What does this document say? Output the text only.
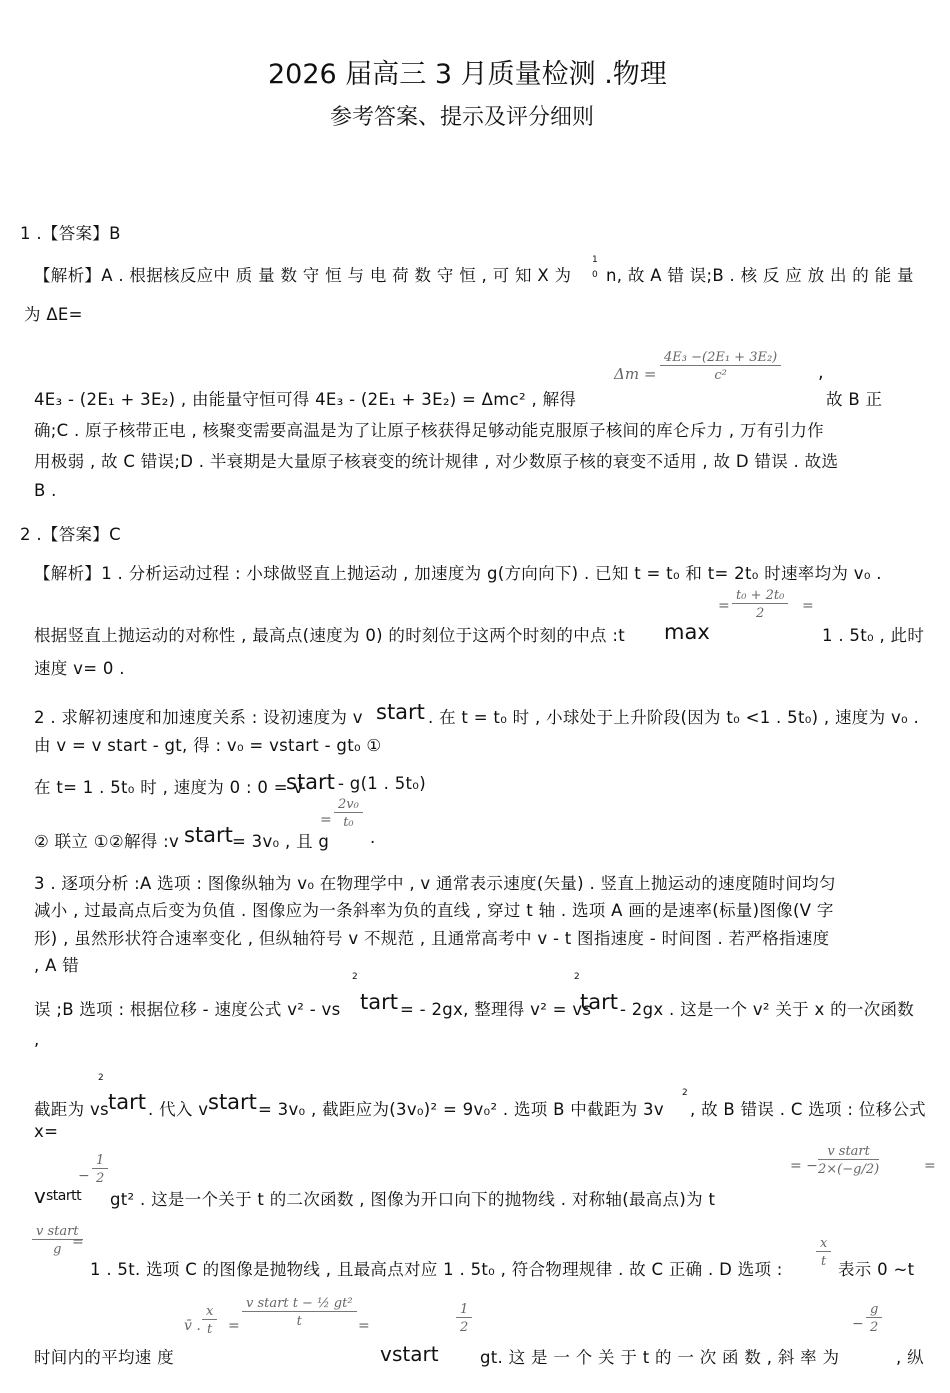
2026 届高三 3 月质量检测 .物理
参考答案、提示及评分细则
1 .【答案】B
【解析】A . 根据核反应中 质 量 数 守 恒 与 电 荷 数 守 恒 , 可 知 X 为
1
0 n, 故 A 错 误;B . 核 反 应 放 出 的 能 量
为 ΔE=
$\Delta m = \frac{\text{4E₃ −(2E₁ + 3E₂)}}{\text{c²}}$ ,
4E₃ - (2E₁ + 3E₂) , 由能量守恒可得 4E₃ - (2E₁ + 3E₂) = Δmc² , 解得	故 B 正
确;C . 原子核带正电 , 核聚变需要高温是为了让原子核获得足够动能克服原子核间的库仑斥力 , 万有引力作
用极弱 , 故 C 错误;D . 半衰期是大量原子核衰变的统计规律 , 对少数原子核的衰变不适用 , 故 D 错误 . 故选
B .
2 .【答案】C
【解析】1 . 分析运动过程 : 小球做竖直上抛运动 , 加速度为 g(方向向下) . 已知 t = t₀ 和 t= 2t₀ 时速率均为 v₀ .
= $\frac{\text{t₀ + 2t₀}}{2}$ =
根据竖直上抛运动的对称性 , 最高点(速度为 0) 的时刻位于这两个时刻的中点 :t max	1 . 5t₀ , 此时
速度 v= 0 .
2 . 求解初速度和加速度关系 : 设初速度为 v start . 在 t = t₀ 时 , 小球处于上升阶段(因为 t₀ <1 . 5t₀) , 速度为 v₀ .
由 v = v start - gt, 得 : v₀ = vstart - gt₀ ①
在 t= 1 . 5t₀ 时 , 速度为 0 : 0 = v
start - g(1 . 5t₀)
② 联立 ①②解得 :v start = 3v₀ , 且 g
= $\frac{\text{2v₀}}{\text{t₀}}$
.
3 . 逐项分析 :A 选项 : 图像纵轴为 v₀ 在物理学中 , v 通常表示速度(矢量) . 竖直上抛运动的速度随时间均匀
减小 , 过最高点后变为负值 . 图像应为一条斜率为负的直线 , 穿过 t 轴 . 选项 A 画的是速率(标量)图像(V 字
形) , 虽然形状符合速率变化 , 但纵轴符号 v 不规范 , 且通常高考中 v - t 图指速度 - 时间图 . 若严格指速度
, A 错
2	2
误 ;B 选项 : 根据位移 - 速度公式 v² - vs tart = - 2gx, 整理得 v² = vs
tart - 2gx . 这是一个 v² 关于 x 的一次函数
,
2
截距为 vs tart . 代入 v start = 3v₀ , 截距应为(3v₀)² = 9v₀² . 选项 B 中截距为 3v
2
, 故 B 错误 . C 选项 : 位移公式
x=
= −
v start
2×(−g/2)	=
− $\frac{1}{2}$
v startt gt² . 这是一个关于 t 的二次函数 , 图像为开口向下的抛物线 . 对称轴(最高点)为 t
v start
g =	$\frac{x}{t}$
1 . 5t. 选项 C 的图像是抛物线 , 且最高点对应 1 . 5t₀ , 符合物理规律 . 故 C 正确 . D 选项 :	表示 0 ~t
v̄ . $\frac{x}{t}$ =
v start t − ½ gt²
t	=	$\frac{1}{2}$	− $\frac{g}{2}$
时间内的平均速 度	v start	gt. 这 是 一 个 关 于 t 的 一 次 函 数 , 斜 率 为	, 纵
